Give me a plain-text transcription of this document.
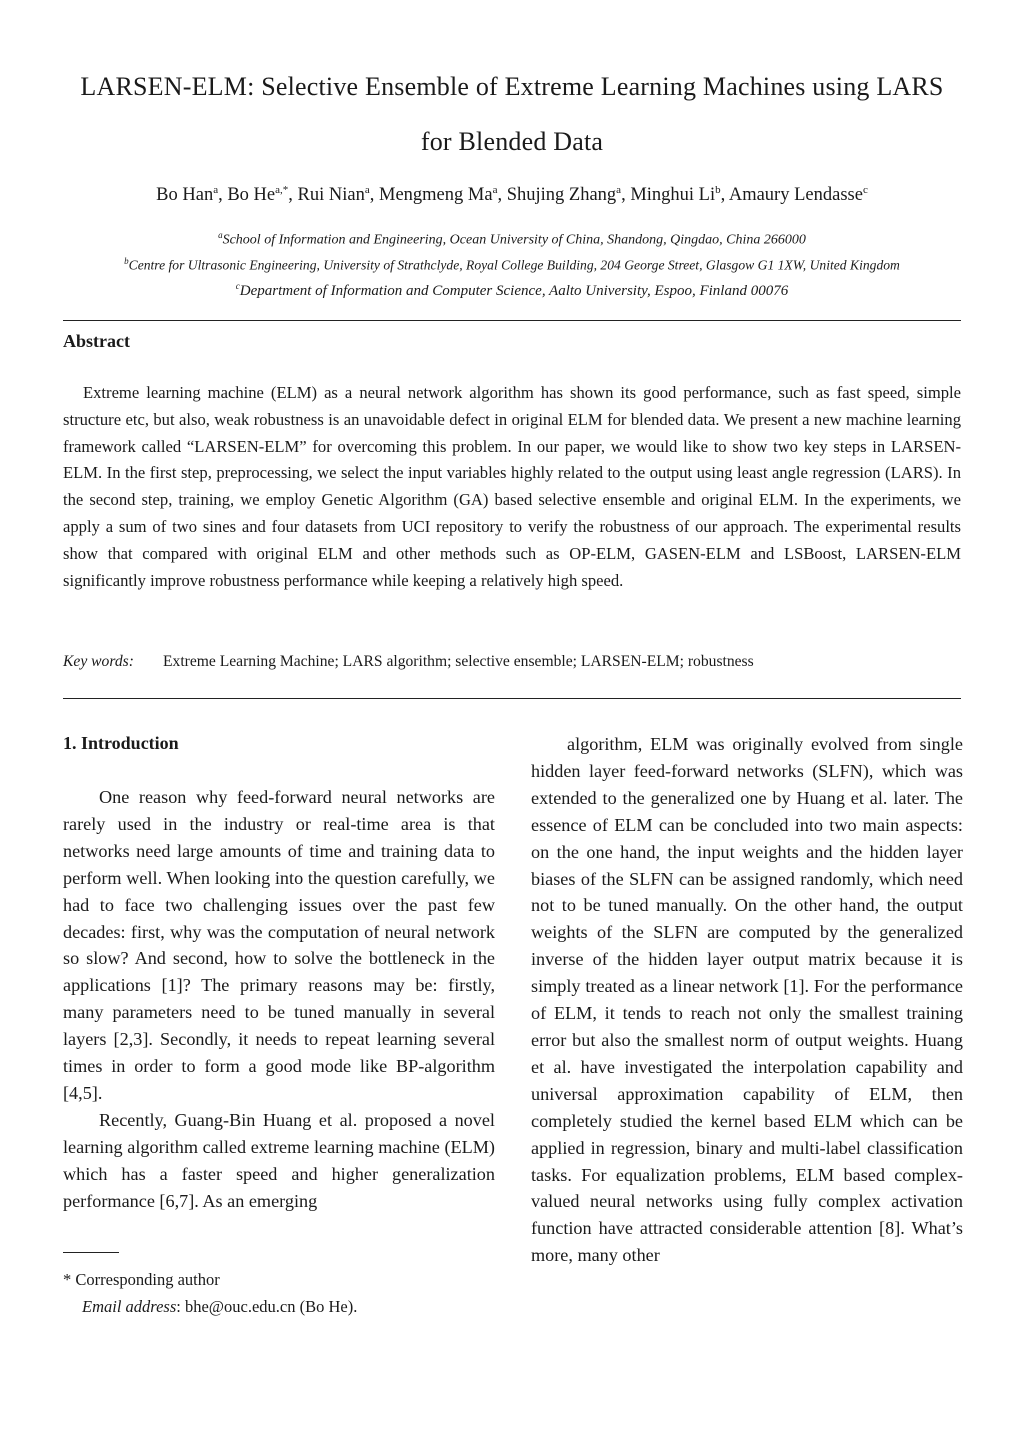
LARSEN-ELM: Selective Ensemble of Extreme Learning Machines using LARS
for Blended Data
Bo Han$^a$, Bo $He^{a,*}$, Rui Nian$^a$, Mengmeng Ma$^a$, Shujing Zhang$^a$, Minghui Li$^b$, Amaury Lendasse$^c$
$^a$School of Information and Engineering, Ocean University of China, Shandong, Qingdao, China 266000
$^b$Centre for Ultrasonic Engineering, University of Strathclyde, Royal College Building, 204 George Street, Glasgow G1 1XW, United Kingdom
$^c$Department of Information and Computer Science, Aalto University, Espoo, Finland 00076
Abstract
Extreme learning machine (ELM) as a neural network algorithm has shown its good performance, such as fast speed, simple structure etc, but also, weak robustness is an unavoidable defect in original ELM for blended data. We present a new machine learning framework called “LARSEN-ELM” for overcoming this problem. In our paper, we would like to show two key steps in LARSEN-ELM. In the first step, preprocessing, we select the input variables highly related to the output using least angle regression (LARS). In the second step, training, we employ Genetic Algorithm (GA) based selective ensemble and original ELM. In the experiments, we apply a sum of two sines and four datasets from UCI repository to verify the robustness of our approach. The experimental results show that compared with original ELM and other methods such as OP-ELM, GASEN-ELM and LSBoost, LARSEN-ELM significantly improve robustness performance while keeping a relatively high speed.
Key words: Extreme Learning Machine; LARS algorithm; selective ensemble; LARSEN-ELM; robustness
1. Introduction

One reason why feed-forward neural networks are rarely used in the industry or real-time area is that networks need large amounts of time and training data to perform well. When looking into the question carefully, we had to face two challenging issues over the past few decades: first, why was the computation of neural network so slow? And second, how to solve the bottleneck in the applications [1]? The primary reasons may be: firstly, many parameters need to be tuned manually in several layers [2,3]. Secondly, it needs to repeat learning several times in order to form a good mode like BP-algorithm [4,5].

Recently, Guang-Bin Huang et al. proposed a novel learning algorithm called extreme learning machine (ELM) which has a faster speed and higher generalization performance [6,7]. As an emerging

algorithm, ELM was originally evolved from single hidden layer feed-forward networks (SLFN), which was extended to the generalized one by Huang et al. later. The essence of ELM can be concluded into two main aspects: on the one hand, the input weights and the hidden layer biases of the SLFN can be assigned randomly, which need not to be tuned manually. On the other hand, the output weights of the SLFN are computed by the generalized inverse of the hidden layer output matrix because it is simply treated as a linear network [1]. For the performance of ELM, it tends to reach not only the smallest training error but also the smallest norm of output weights. Huang et al. have investigated the interpolation capability and universal approximation capability of ELM, then completely studied the kernel based ELM which can be applied in regression, binary and multi-label classification tasks. For equalization problems, ELM based complex-valued neural networks using fully complex activation function have attracted considerable attention [8]. What’s more, many other

* Corresponding author
Email address: bhe@ouc.edu.cn (Bo He).
